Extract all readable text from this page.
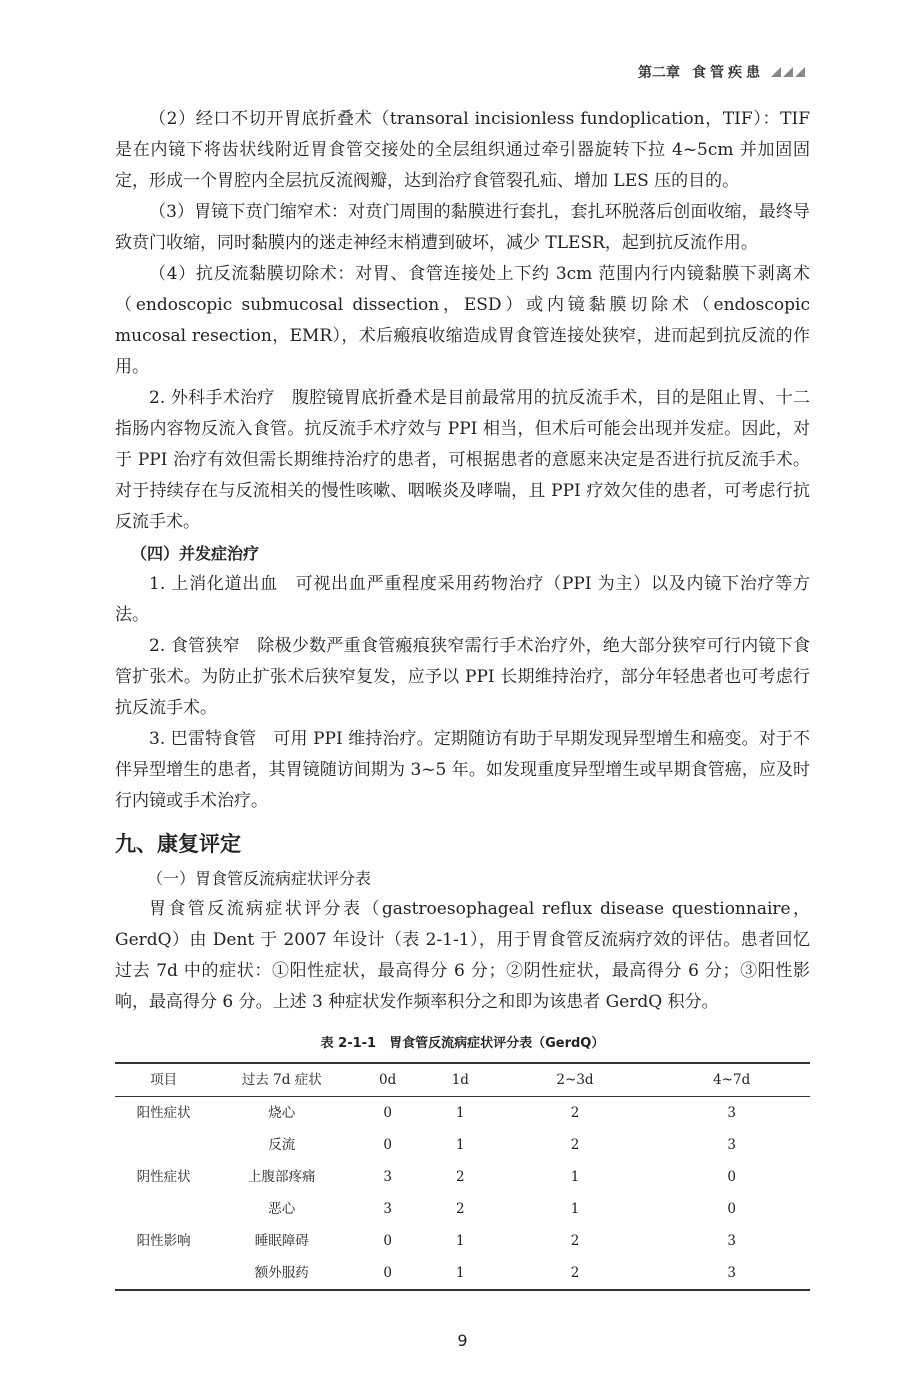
第二章 食管疾患

（2）经口不切开胃底折叠术（transoral incisionless fundoplication，TIF）：TIF 是在内镜下将齿状线附近胃食管交接处的全层组织通过牵引器旋转下拉 4~5cm 并加固固定，形成一个胃腔内全层抗反流阀瓣，达到治疗食管裂孔疝、增加 LES 压的目的。

（3）胃镜下贲门缩窄术：对贲门周围的黏膜进行套扎，套扎环脱落后创面收缩，最终导致贲门收缩，同时黏膜内的迷走神经末梢遭到破坏，减少 TLESR，起到抗反流作用。

（4）抗反流黏膜切除术：对胃、食管连接处上下约 3cm 范围内行内镜黏膜下剥离术（endoscopic submucosal dissection，ESD）或内镜黏膜切除术（endoscopic mucosal resection，EMR），术后瘢痕收缩造成胃食管连接处狭窄，进而起到抗反流的作用。

2. 外科手术治疗　腹腔镜胃底折叠术是目前最常用的抗反流手术，目的是阻止胃、十二指肠内容物反流入食管。抗反流手术疗效与 PPI 相当，但术后可能会出现并发症。因此，对于 PPI 治疗有效但需长期维持治疗的患者，可根据患者的意愿来决定是否进行抗反流手术。对于持续存在与反流相关的慢性咳嗽、咽喉炎及哮喘，且 PPI 疗效欠佳的患者，可考虑行抗反流手术。

（四）并发症治疗

1. 上消化道出血　可视出血严重程度采用药物治疗（PPI 为主）以及内镜下治疗等方法。

2. 食管狭窄　除极少数严重食管瘢痕狭窄需行手术治疗外，绝大部分狭窄可行内镜下食管扩张术。为防止扩张术后狭窄复发，应予以 PPI 长期维持治疗，部分年轻患者也可考虑行抗反流手术。

3. 巴雷特食管　可用 PPI 维持治疗。定期随访有助于早期发现异型增生和癌变。对于不伴异型增生的患者，其胃镜随访间期为 3~5 年。如发现重度异型增生或早期食管癌，应及时行内镜或手术治疗。

九、康复评定
（一）胃食管反流病症状评分表

胃食管反流病症状评分表（gastroesophageal reflux disease questionnaire，GerdQ）由 Dent 于 2007 年设计（表 2-1-1），用于胃食管反流病疗效的评估。患者回忆过去 7d 中的症状：①阳性症状，最高得分 6 分；②阴性症状，最高得分 6 分；③阳性影响，最高得分 6 分。上述 3 种症状发作频率积分之和即为该患者 GerdQ 积分。

表 2-1-1　胃食管反流病症状评分表（GerdQ）
项目	过去 7d 症状	0d	1d	2~3d	4~7d
阳性症状	烧心	0	1	2	3
	反流	0	1	2	3
阴性症状	上腹部疼痛	3	2	1	0
	恶心	3	2	1	0
阳性影响	睡眠障碍	0	1	2	3
	额外服药	0	1	2	3
9
